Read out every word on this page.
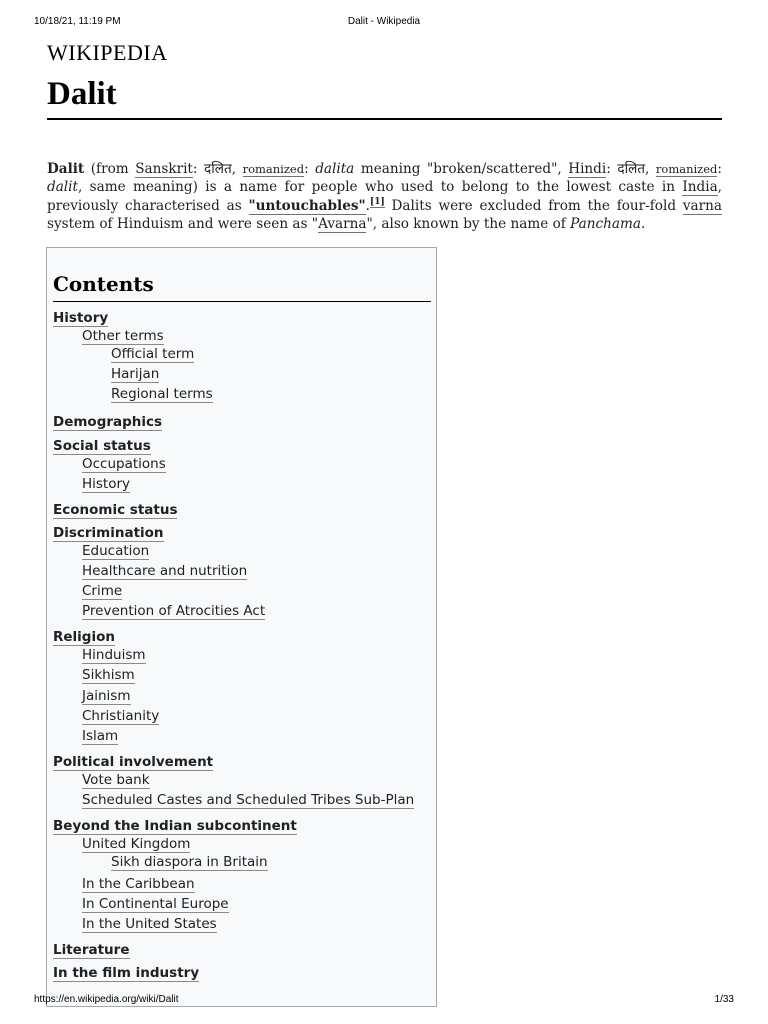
10/18/21, 11:19 PM	Dalit - Wikipedia
WIKIPEDIA
Dalit

Dalit (from Sanskrit: दलित, romanized: dalita meaning "broken/scattered", Hindi: दलित, romanized: dalit, same meaning) is a name for people who used to belong to the lowest caste in India, previously characterised as "untouchables".[1] Dalits were excluded from the four-fold varna system of Hinduism and were seen as "Avarna", also known by the name of Panchama.

Contents
History
Other terms
Official term
Harijan
Regional terms
Demographics
Social status
Occupations
History
Economic status
Discrimination
Education
Healthcare and nutrition
Crime
Prevention of Atrocities Act
Religion
Hinduism
Sikhism
Jainism
Christianity
Islam
Political involvement
Vote bank
Scheduled Castes and Scheduled Tribes Sub-Plan
Beyond the Indian subcontinent
United Kingdom
Sikh diaspora in Britain
In the Caribbean
In Continental Europe
In the United States
Literature
In the film industry
https://en.wikipedia.org/wiki/Dalit	1/33
